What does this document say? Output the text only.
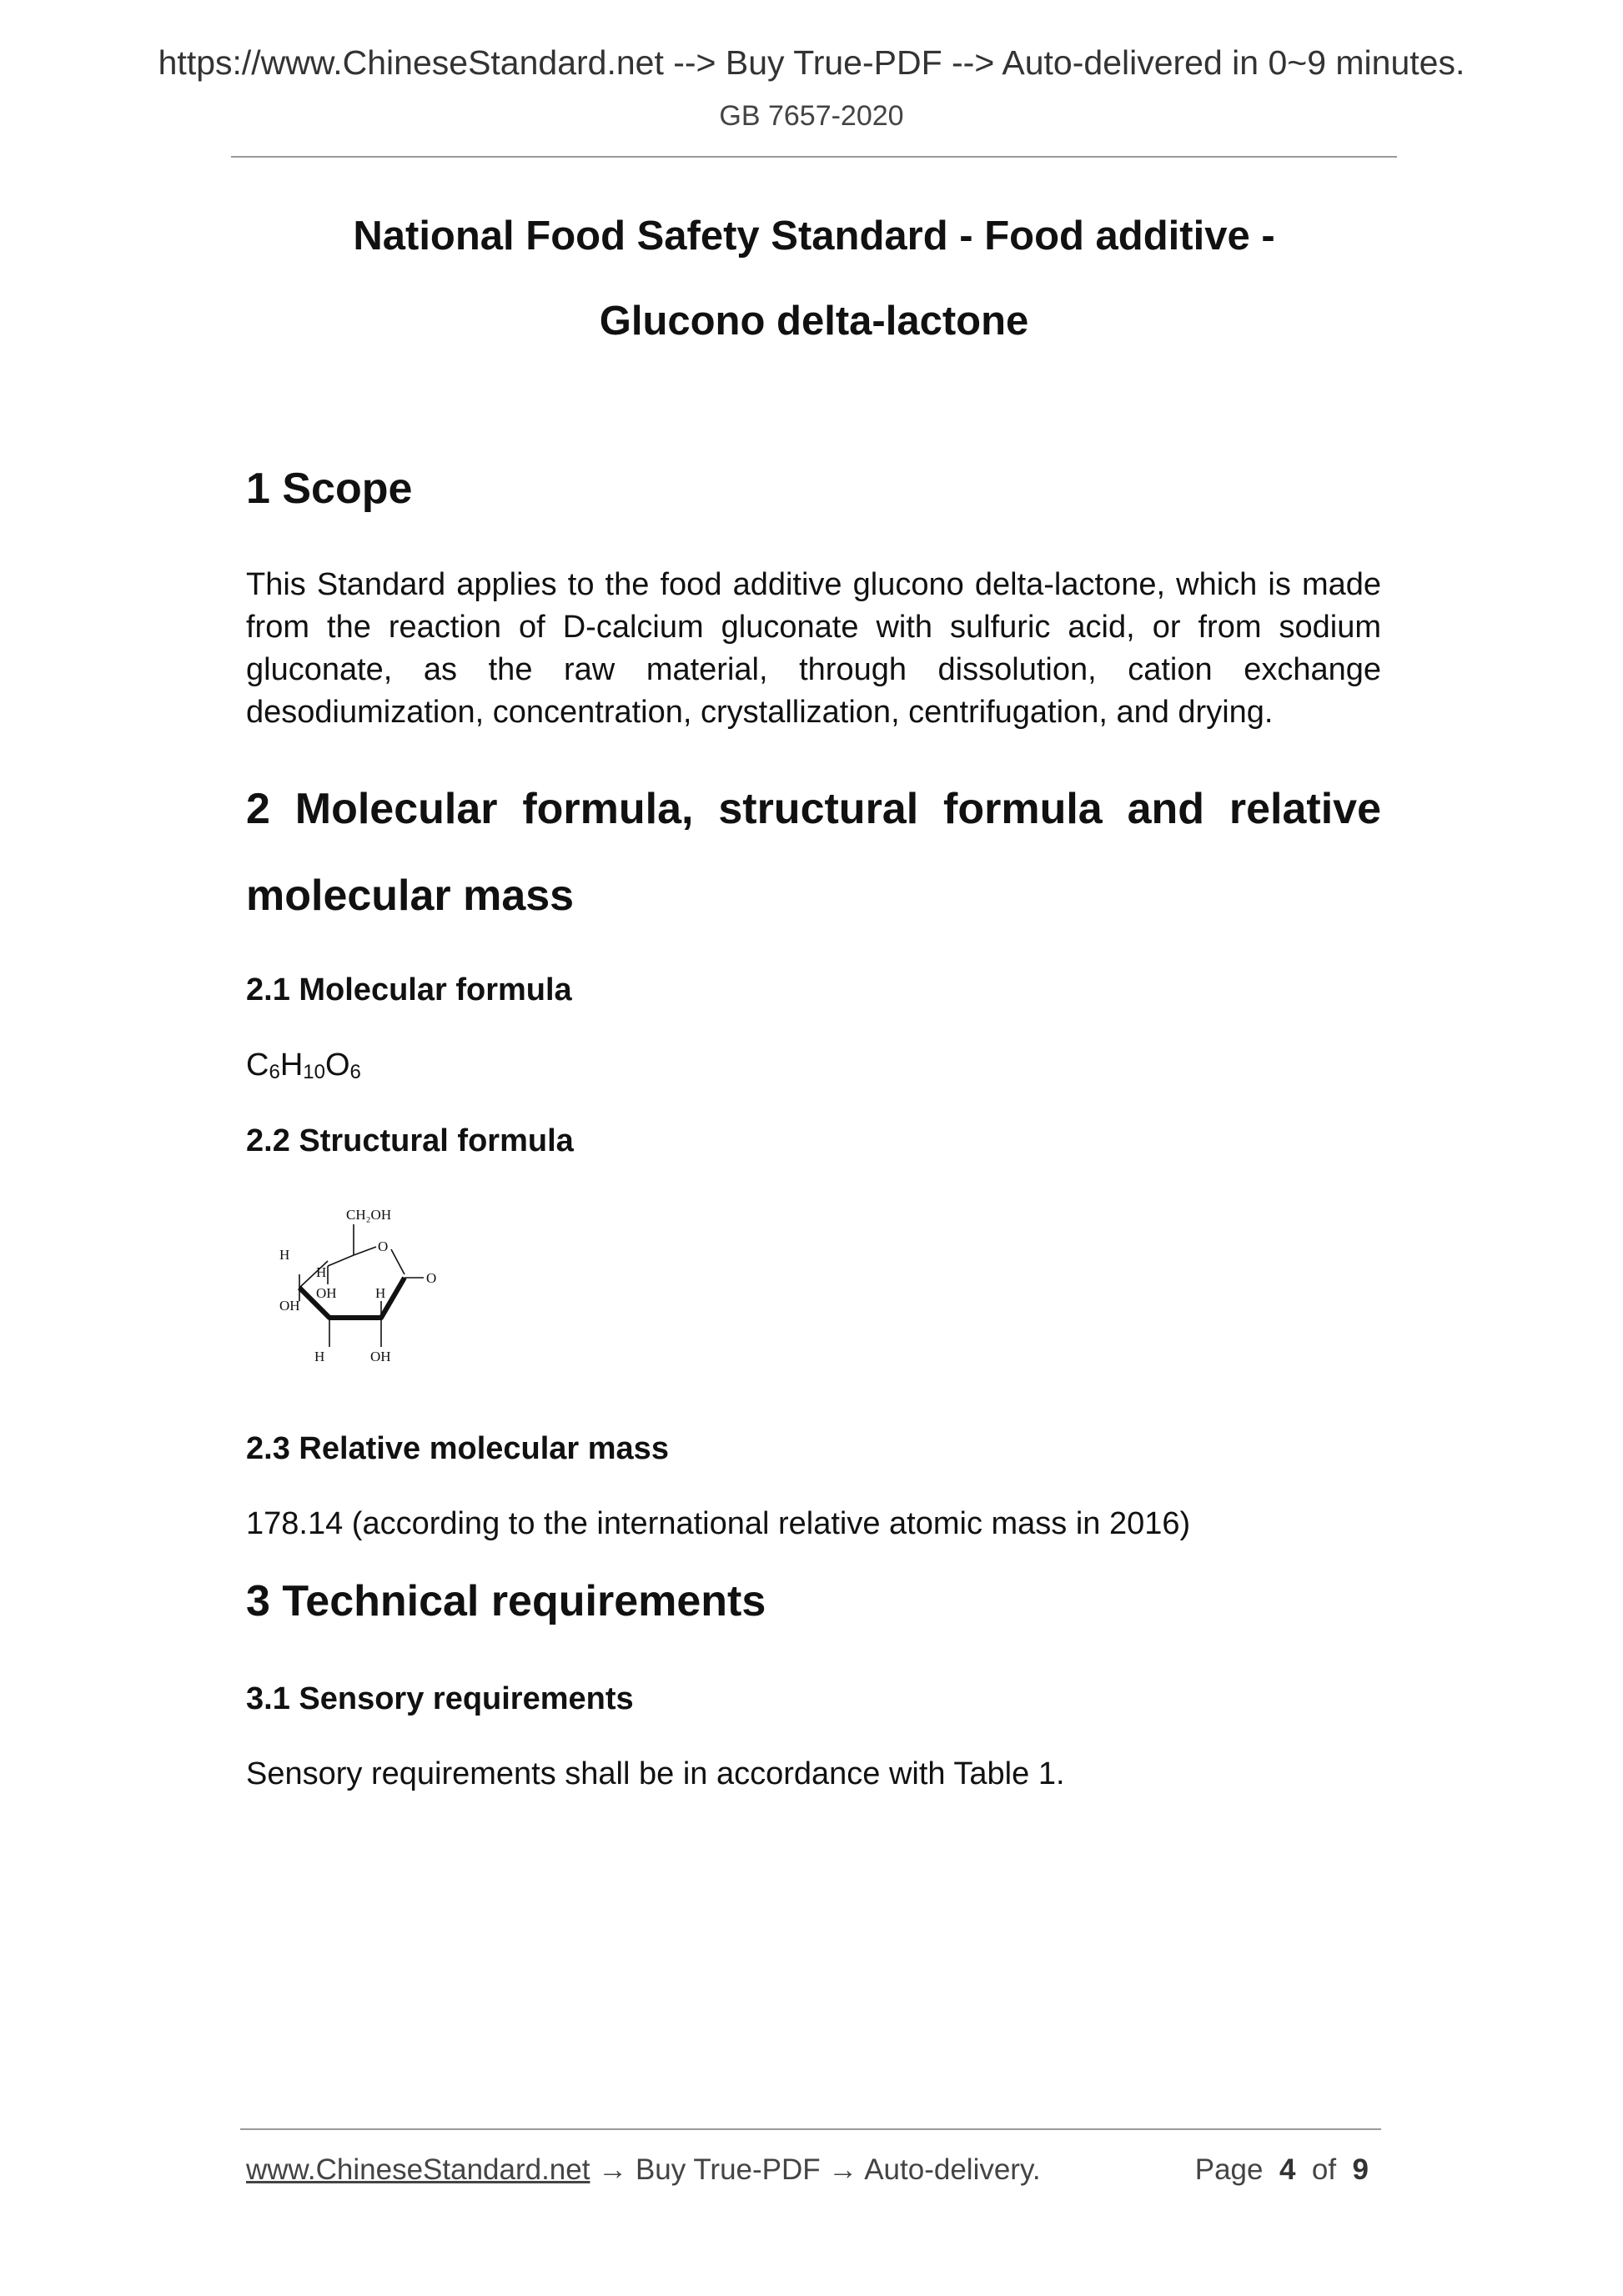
https://www.ChineseStandard.net --> Buy True-PDF --> Auto-delivered in 0~9 minutes.
GB 7657-2020
National Food Safety Standard - Food additive -
Glucono delta-lactone
1 Scope
This Standard applies to the food additive glucono delta-lactone, which is made from the reaction of D-calcium gluconate with sulfuric acid, or from sodium gluconate, as the raw material, through dissolution, cation exchange desodiumization, concentration, crystallization, centrifugation, and drying.
2 Molecular formula, structural formula and relative
molecular mass
2.1 Molecular formula
$C_6H_{10}O_6$
2.2 Structural formula
CH₂OH
H
H
O
O
OH	H
OH
H	OH
2.3 Relative molecular mass
178.14 (according to the international relative atomic mass in 2016)
3 Technical requirements
3.1 Sensory requirements
Sensory requirements shall be in accordance with Table 1.
www.ChineseStandard.net → Buy True-PDF → Auto-delivery.	Page 4 of 9
